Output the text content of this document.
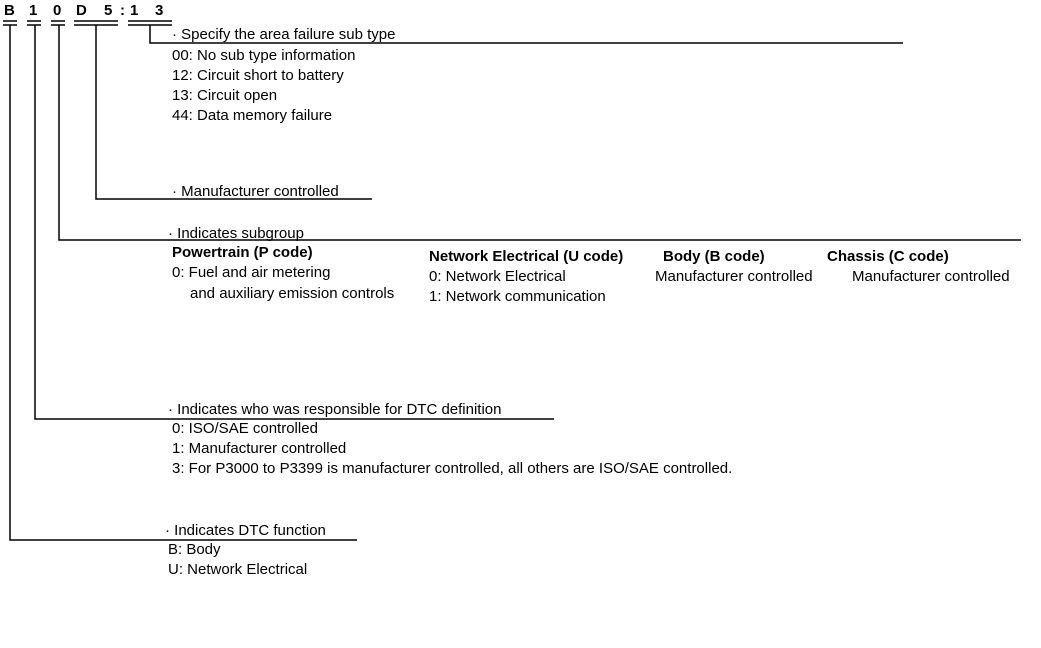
B 1 0 D 5 : 1 3
· Specify the area failure sub type
00: No sub type information
12: Circuit short to battery
13: Circuit open
44: Data memory failure
· Manufacturer controlled
· Indicates subgroup
Powertrain (P code)
0: Fuel and air metering
and auxiliary emission controls
Network Electrical (U code)
0: Network Electrical
1: Network communication
Body (B code)
Manufacturer controlled
Chassis (C code)
Manufacturer controlled
· Indicates who was responsible for DTC definition
0: ISO/SAE controlled
1: Manufacturer controlled
3: For P3000 to P3399 is manufacturer controlled, all others are ISO/SAE controlled.
· Indicates DTC function
B: Body
U: Network Electrical
